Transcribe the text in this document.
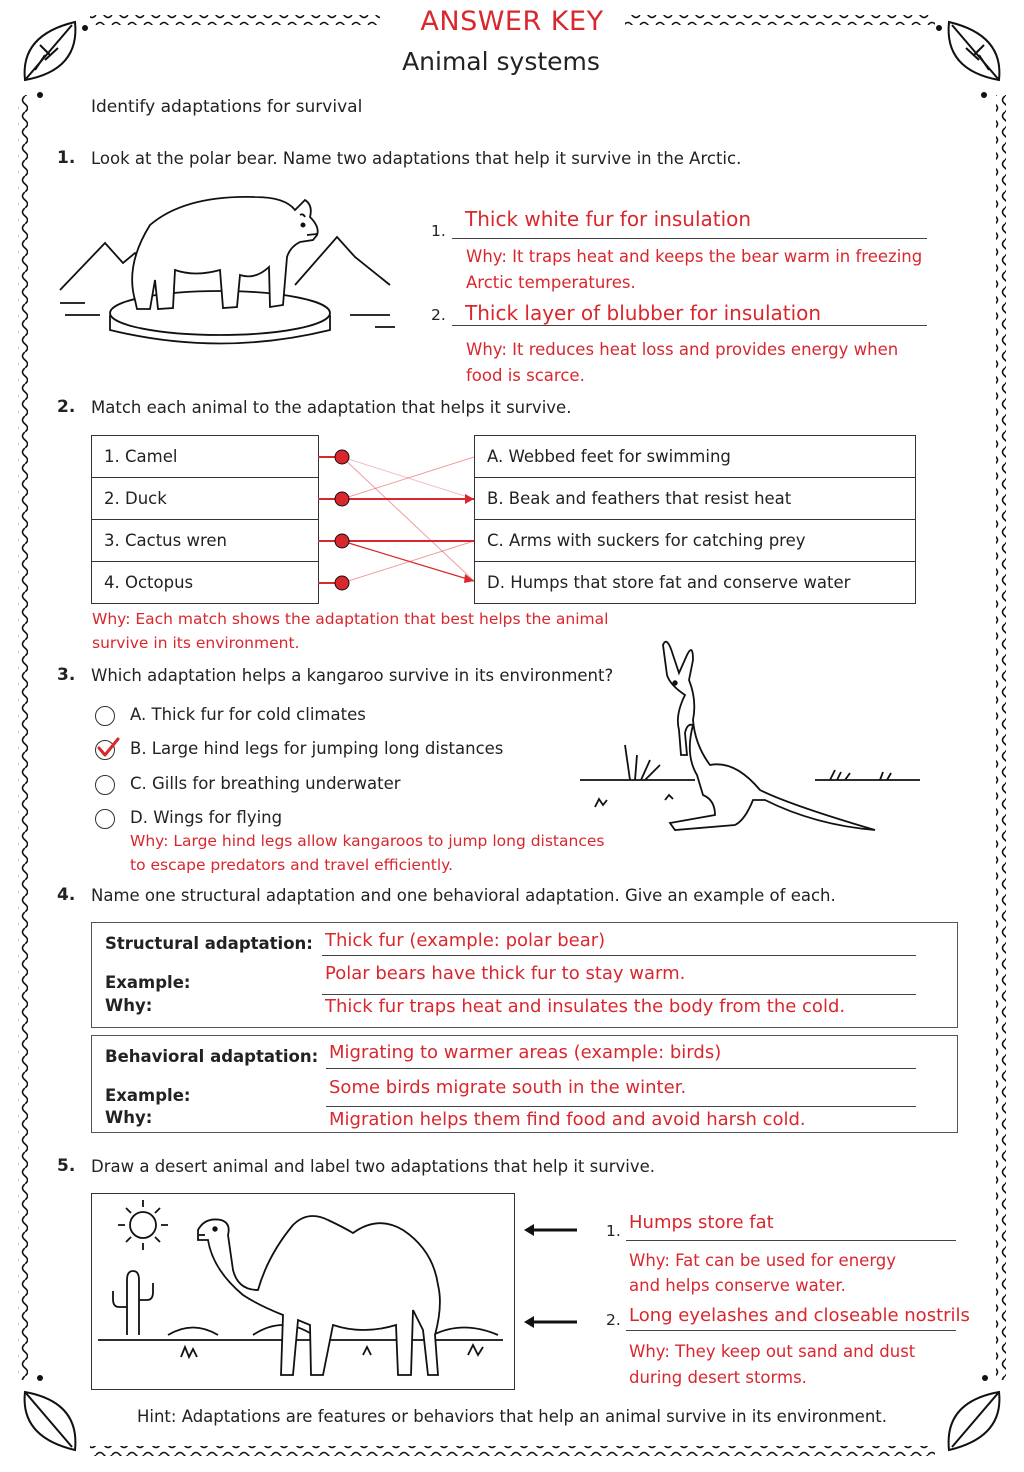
ANSWER KEY
Animal systems
Identify adaptations for survival
1. Look at the polar bear. Name two adaptations that help it survive in the Arctic.
1. Thick white fur for insulation
Why: It traps heat and keeps the bear warm in freezing
Arctic temperatures.
2. Thick layer of blubber for insulation
Why: It reduces heat loss and provides energy when
food is scarce.
2. Match each animal to the adaptation that helps it survive.
1. Camel
2. Duck
3. Cactus wren
4. Octopus
A. Webbed feet for swimming
B. Beak and feathers that resist heat
C. Arms with suckers for catching prey
D. Humps that store fat and conserve water
Why: Each match shows the adaptation that best helps the animal
survive in its environment.
3. Which adaptation helps a kangaroo survive in its environment?
A. Thick fur for cold climates
B. Large hind legs for jumping long distances
C. Gills for breathing underwater
D. Wings for flying
Why: Large hind legs allow kangaroos to jump long distances
to escape predators and travel efficiently.
4. Name one structural adaptation and one behavioral adaptation. Give an example of each.
Structural adaptation:
Example:
Why:
Thick fur (example: polar bear)
Polar bears have thick fur to stay warm.
Thick fur traps heat and insulates the body from the cold.
Behavioral adaptation:
Example:
Why:
Migrating to warmer areas (example: birds)
Some birds migrate south in the winter.
Migration helps them find food and avoid harsh cold.
5. Draw a desert animal and label two adaptations that help it survive.
1. Humps store fat
Why: Fat can be used for energy
and helps conserve water.
2. Long eyelashes and closeable nostrils
Why: They keep out sand and dust
during desert storms.
Hint: Adaptations are features or behaviors that help an animal survive in its environment.
